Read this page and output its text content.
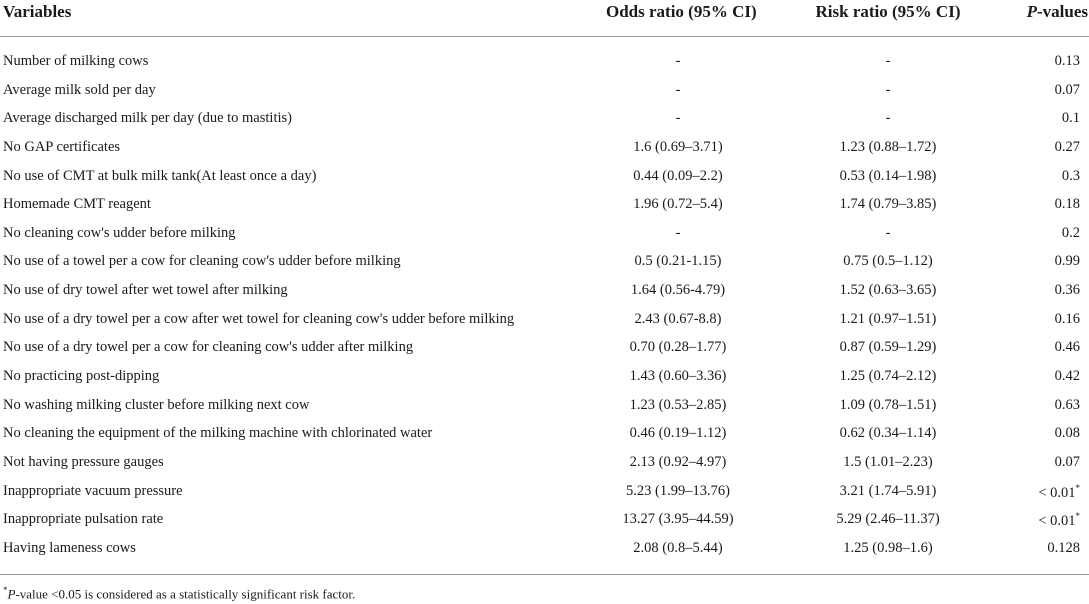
Variables	Odds ratio (95% CI)	Risk ratio (95% CI)	P-values
Number of milking cows	-	-	0.13
Average milk sold per day	-	-	0.07
Average discharged milk per day (due to mastitis)	-	-	0.1
No GAP certificates	1.6 (0.69–3.71)	1.23 (0.88–1.72)	0.27
No use of CMT at bulk milk tank(At least once a day)	0.44 (0.09–2.2)	0.53 (0.14–1.98)	0.3
Homemade CMT reagent	1.96 (0.72–5.4)	1.74 (0.79–3.85)	0.18
No cleaning cow's udder before milking	-	-	0.2
No use of a towel per a cow for cleaning cow's udder before milking	0.5 (0.21-1.15)	0.75 (0.5–1.12)	0.99
No use of dry towel after wet towel after milking	1.64 (0.56-4.79)	1.52 (0.63–3.65)	0.36
No use of a dry towel per a cow after wet towel for cleaning cow's udder before milking	2.43 (0.67-8.8)	1.21 (0.97–1.51)	0.16
No use of a dry towel per a cow for cleaning cow's udder after milking	0.70 (0.28–1.77)	0.87 (0.59–1.29)	0.46
No practicing post-dipping	1.43 (0.60–3.36)	1.25 (0.74–2.12)	0.42
No washing milking cluster before milking next cow	1.23 (0.53–2.85)	1.09 (0.78–1.51)	0.63
No cleaning the equipment of the milking machine with chlorinated water	0.46 (0.19–1.12)	0.62 (0.34–1.14)	0.08
Not having pressure gauges	2.13 (0.92–4.97)	1.5 (1.01–2.23)	0.07
Inappropriate vacuum pressure	5.23 (1.99–13.76)	3.21 (1.74–5.91)	< 0.01*
Inappropriate pulsation rate	13.27 (3.95–44.59)	5.29 (2.46–11.37)	< 0.01*
Having lameness cows	2.08 (0.8–5.44)	1.25 (0.98–1.6)	0.128
*P-value <0.05 is considered as a statistically significant risk factor.
